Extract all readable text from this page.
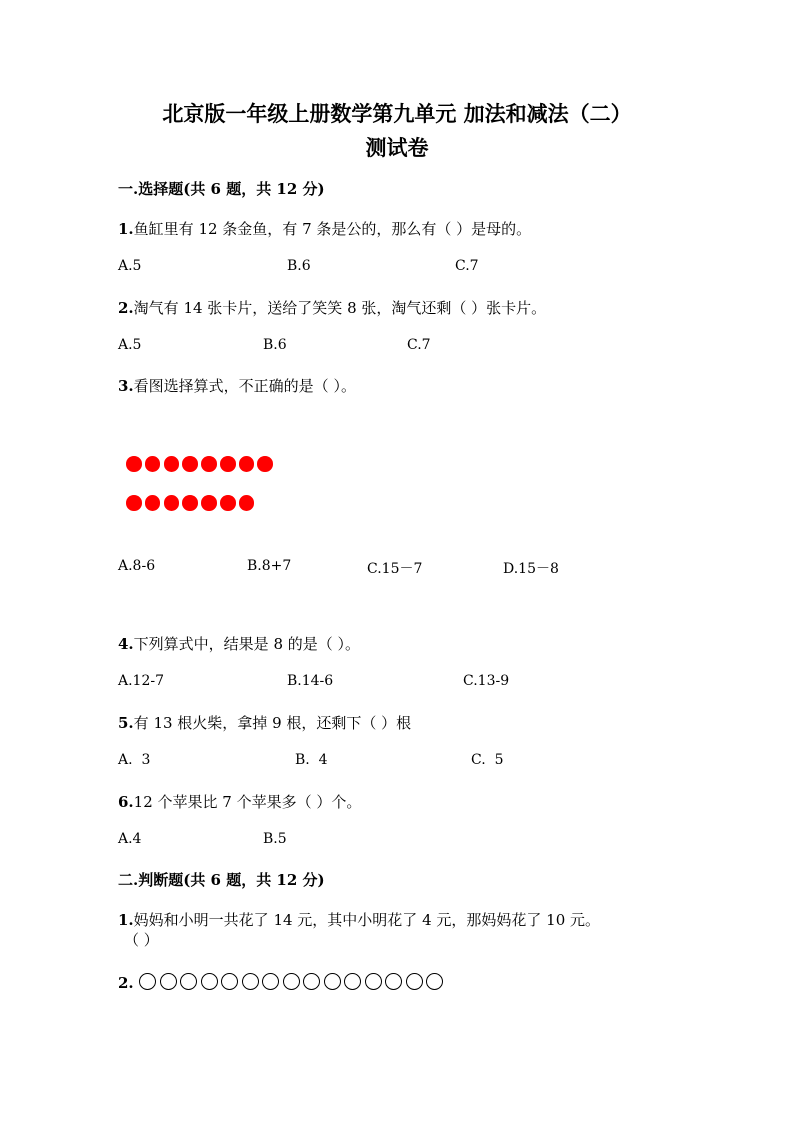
北京版一年级上册数学第九单元 加法和减法（二）
测试卷
一.选择题(共 6 题，共 12 分)
1.鱼缸里有 12 条金鱼，有 7 条是公的，那么有（ ）是母的。
A.5	B.6	C.7
2.淘气有 14 张卡片，送给了笑笑 8 张，淘气还剩（ ）张卡片。
A.5	B.6	C.7
3.看图选择算式，不正确的是（ ）。
A.8-6	B.8+7	C.15－7	D.15－8
4.下列算式中，结果是 8 的是（ ）。
A.12-7	B.14-6	C.13-9
5.有 13 根火柴，拿掉 9 根，还剩下（ ）根
A.  3	B.  4	C.  5
6.12 个苹果比 7 个苹果多（ ）个。
A.4	B.5
二.判断题(共 6 题，共 12 分)
1.妈妈和小明一共花了 14 元，其中小明花了 4 元，那妈妈花了 10 元。
（ ）
2.
